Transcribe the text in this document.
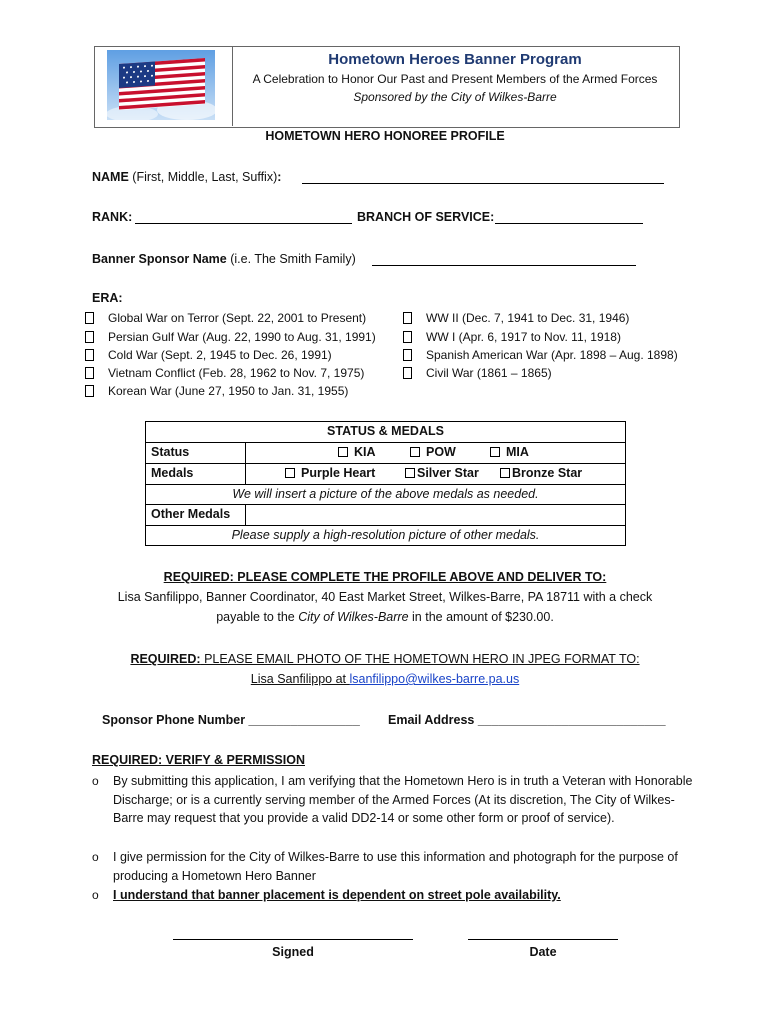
Hometown Heroes Banner Program
A Celebration to Honor Our Past and Present Members of the Armed Forces
Sponsored by the City of Wilkes-Barre
HOMETOWN HERO HONOREE PROFILE
NAME (First, Middle, Last, Suffix):
RANK:	BRANCH OF SERVICE:
Banner Sponsor Name (i.e. The Smith Family)
ERA:
Global War on Terror (Sept. 22, 2001 to Present)
Persian Gulf War (Aug. 22, 1990 to Aug. 31, 1991)
Cold War (Sept. 2, 1945 to Dec. 26, 1991)
Vietnam Conflict (Feb. 28, 1962 to Nov. 7, 1975)
Korean War (June 27, 1950 to Jan. 31, 1955)
WW II (Dec. 7, 1941 to Dec. 31, 1946)
WW I (Apr. 6, 1917 to Nov. 11, 1918)
Spanish American War (Apr. 1898 – Aug. 1898)
Civil War (1861 – 1865)
STATUS & MEDALS
Status	KIA	POW	MIA
Medals	Purple Heart	Silver Star	Bronze Star
We will insert a picture of the above medals as needed.
Other Medals
Please supply a high-resolution picture of other medals.
REQUIRED: PLEASE COMPLETE THE PROFILE ABOVE AND DELIVER TO:
Lisa Sanfilippo, Banner Coordinator, 40 East Market Street, Wilkes-Barre, PA 18711 with a check
payable to the City of Wilkes-Barre in the amount of $230.00.
REQUIRED: PLEASE EMAIL PHOTO OF THE HOMETOWN HERO IN JPEG FORMAT TO:
Lisa Sanfilippo at lsanfilippo@wilkes-barre.pa.us
Sponsor Phone Number ________________ Email Address ___________________________
REQUIRED: VERIFY & PERMISSION
o By submitting this application, I am verifying that the Hometown Hero is in truth a Veteran with Honorable Discharge; or is a currently serving member of the Armed Forces (At its discretion, The City of Wilkes-Barre may request that you provide a valid DD2-14 or some other form or proof of service).
o I give permission for the City of Wilkes-Barre to use this information and photograph for the purpose of producing a Hometown Hero Banner
o I understand that banner placement is dependent on street pole availability.
Signed	Date
